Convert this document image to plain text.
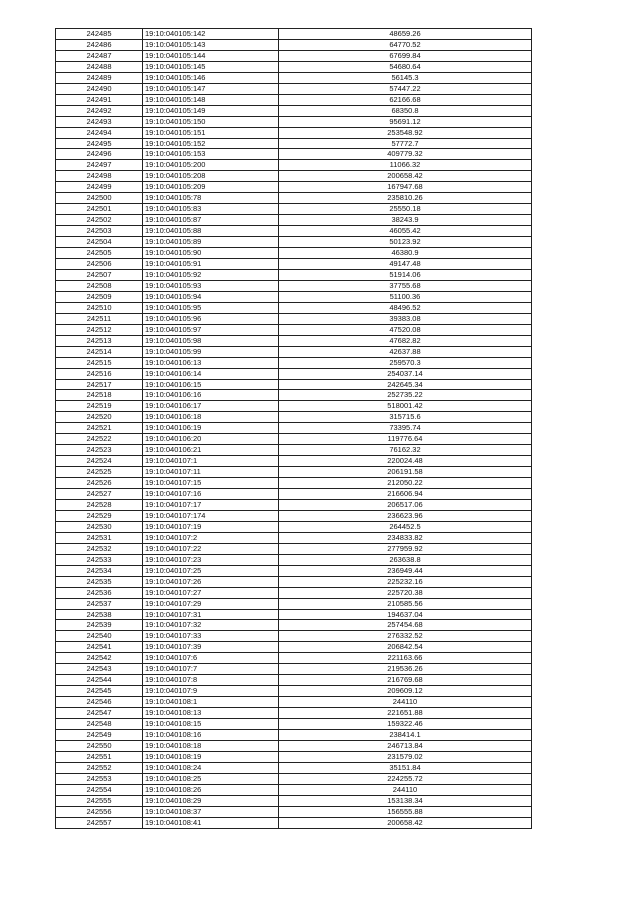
242485	19:10:040105:142	48659.26
242486	19:10:040105:143	64770.52
242487	19:10:040105:144	67699.84
242488	19:10:040105:145	54680.64
242489	19:10:040105:146	56145.3
242490	19:10:040105:147	57447.22
242491	19:10:040105:148	62166.68
242492	19:10:040105:149	68350.8
242493	19:10:040105:150	95691.12
242494	19:10:040105:151	253548.92
242495	19:10:040105:152	57772.7
242496	19:10:040105:153	409779.32
242497	19:10:040105:200	11066.32
242498	19:10:040105:208	200658.42
242499	19:10:040105:209	167947.68
242500	19:10:040105:78	235810.26
242501	19:10:040105:83	25550.18
242502	19:10:040105:87	38243.9
242503	19:10:040105:88	46055.42
242504	19:10:040105:89	50123.92
242505	19:10:040105:90	46380.9
242506	19:10:040105:91	49147.48
242507	19:10:040105:92	51914.06
242508	19:10:040105:93	37755.68
242509	19:10:040105:94	51100.36
242510	19:10:040105:95	48496.52
242511	19:10:040105:96	39383.08
242512	19:10:040105:97	47520.08
242513	19:10:040105:98	47682.82
242514	19:10:040105:99	42637.88
242515	19:10:040106:13	259570.3
242516	19:10:040106:14	254037.14
242517	19:10:040106:15	242645.34
242518	19:10:040106:16	252735.22
242519	19:10:040106:17	518001.42
242520	19:10:040106:18	315715.6
242521	19:10:040106:19	73395.74
242522	19:10:040106:20	119776.64
242523	19:10:040106:21	76162.32
242524	19:10:040107:1	220024.48
242525	19:10:040107:11	206191.58
242526	19:10:040107:15	212050.22
242527	19:10:040107:16	216606.94
242528	19:10:040107:17	206517.06
242529	19:10:040107:174	236623.96
242530	19:10:040107:19	264452.5
242531	19:10:040107:2	234833.82
242532	19:10:040107:22	277959.92
242533	19:10:040107:23	263638.8
242534	19:10:040107:25	236949.44
242535	19:10:040107:26	225232.16
242536	19:10:040107:27	225720.38
242537	19:10:040107:29	210585.56
242538	19:10:040107:31	194637.04
242539	19:10:040107:32	257454.68
242540	19:10:040107:33	276332.52
242541	19:10:040107:39	206842.54
242542	19:10:040107:6	221163.66
242543	19:10:040107:7	219536.26
242544	19:10:040107:8	216769.68
242545	19:10:040107:9	209609.12
242546	19:10:040108:1	244110
242547	19:10:040108:13	221651.88
242548	19:10:040108:15	159322.46
242549	19:10:040108:16	238414.1
242550	19:10:040108:18	246713.84
242551	19:10:040108:19	231579.02
242552	19:10:040108:24	35151.84
242553	19:10:040108:25	224255.72
242554	19:10:040108:26	244110
242555	19:10:040108:29	153138.34
242556	19:10:040108:37	156555.88
242557	19:10:040108:41	200658.42
